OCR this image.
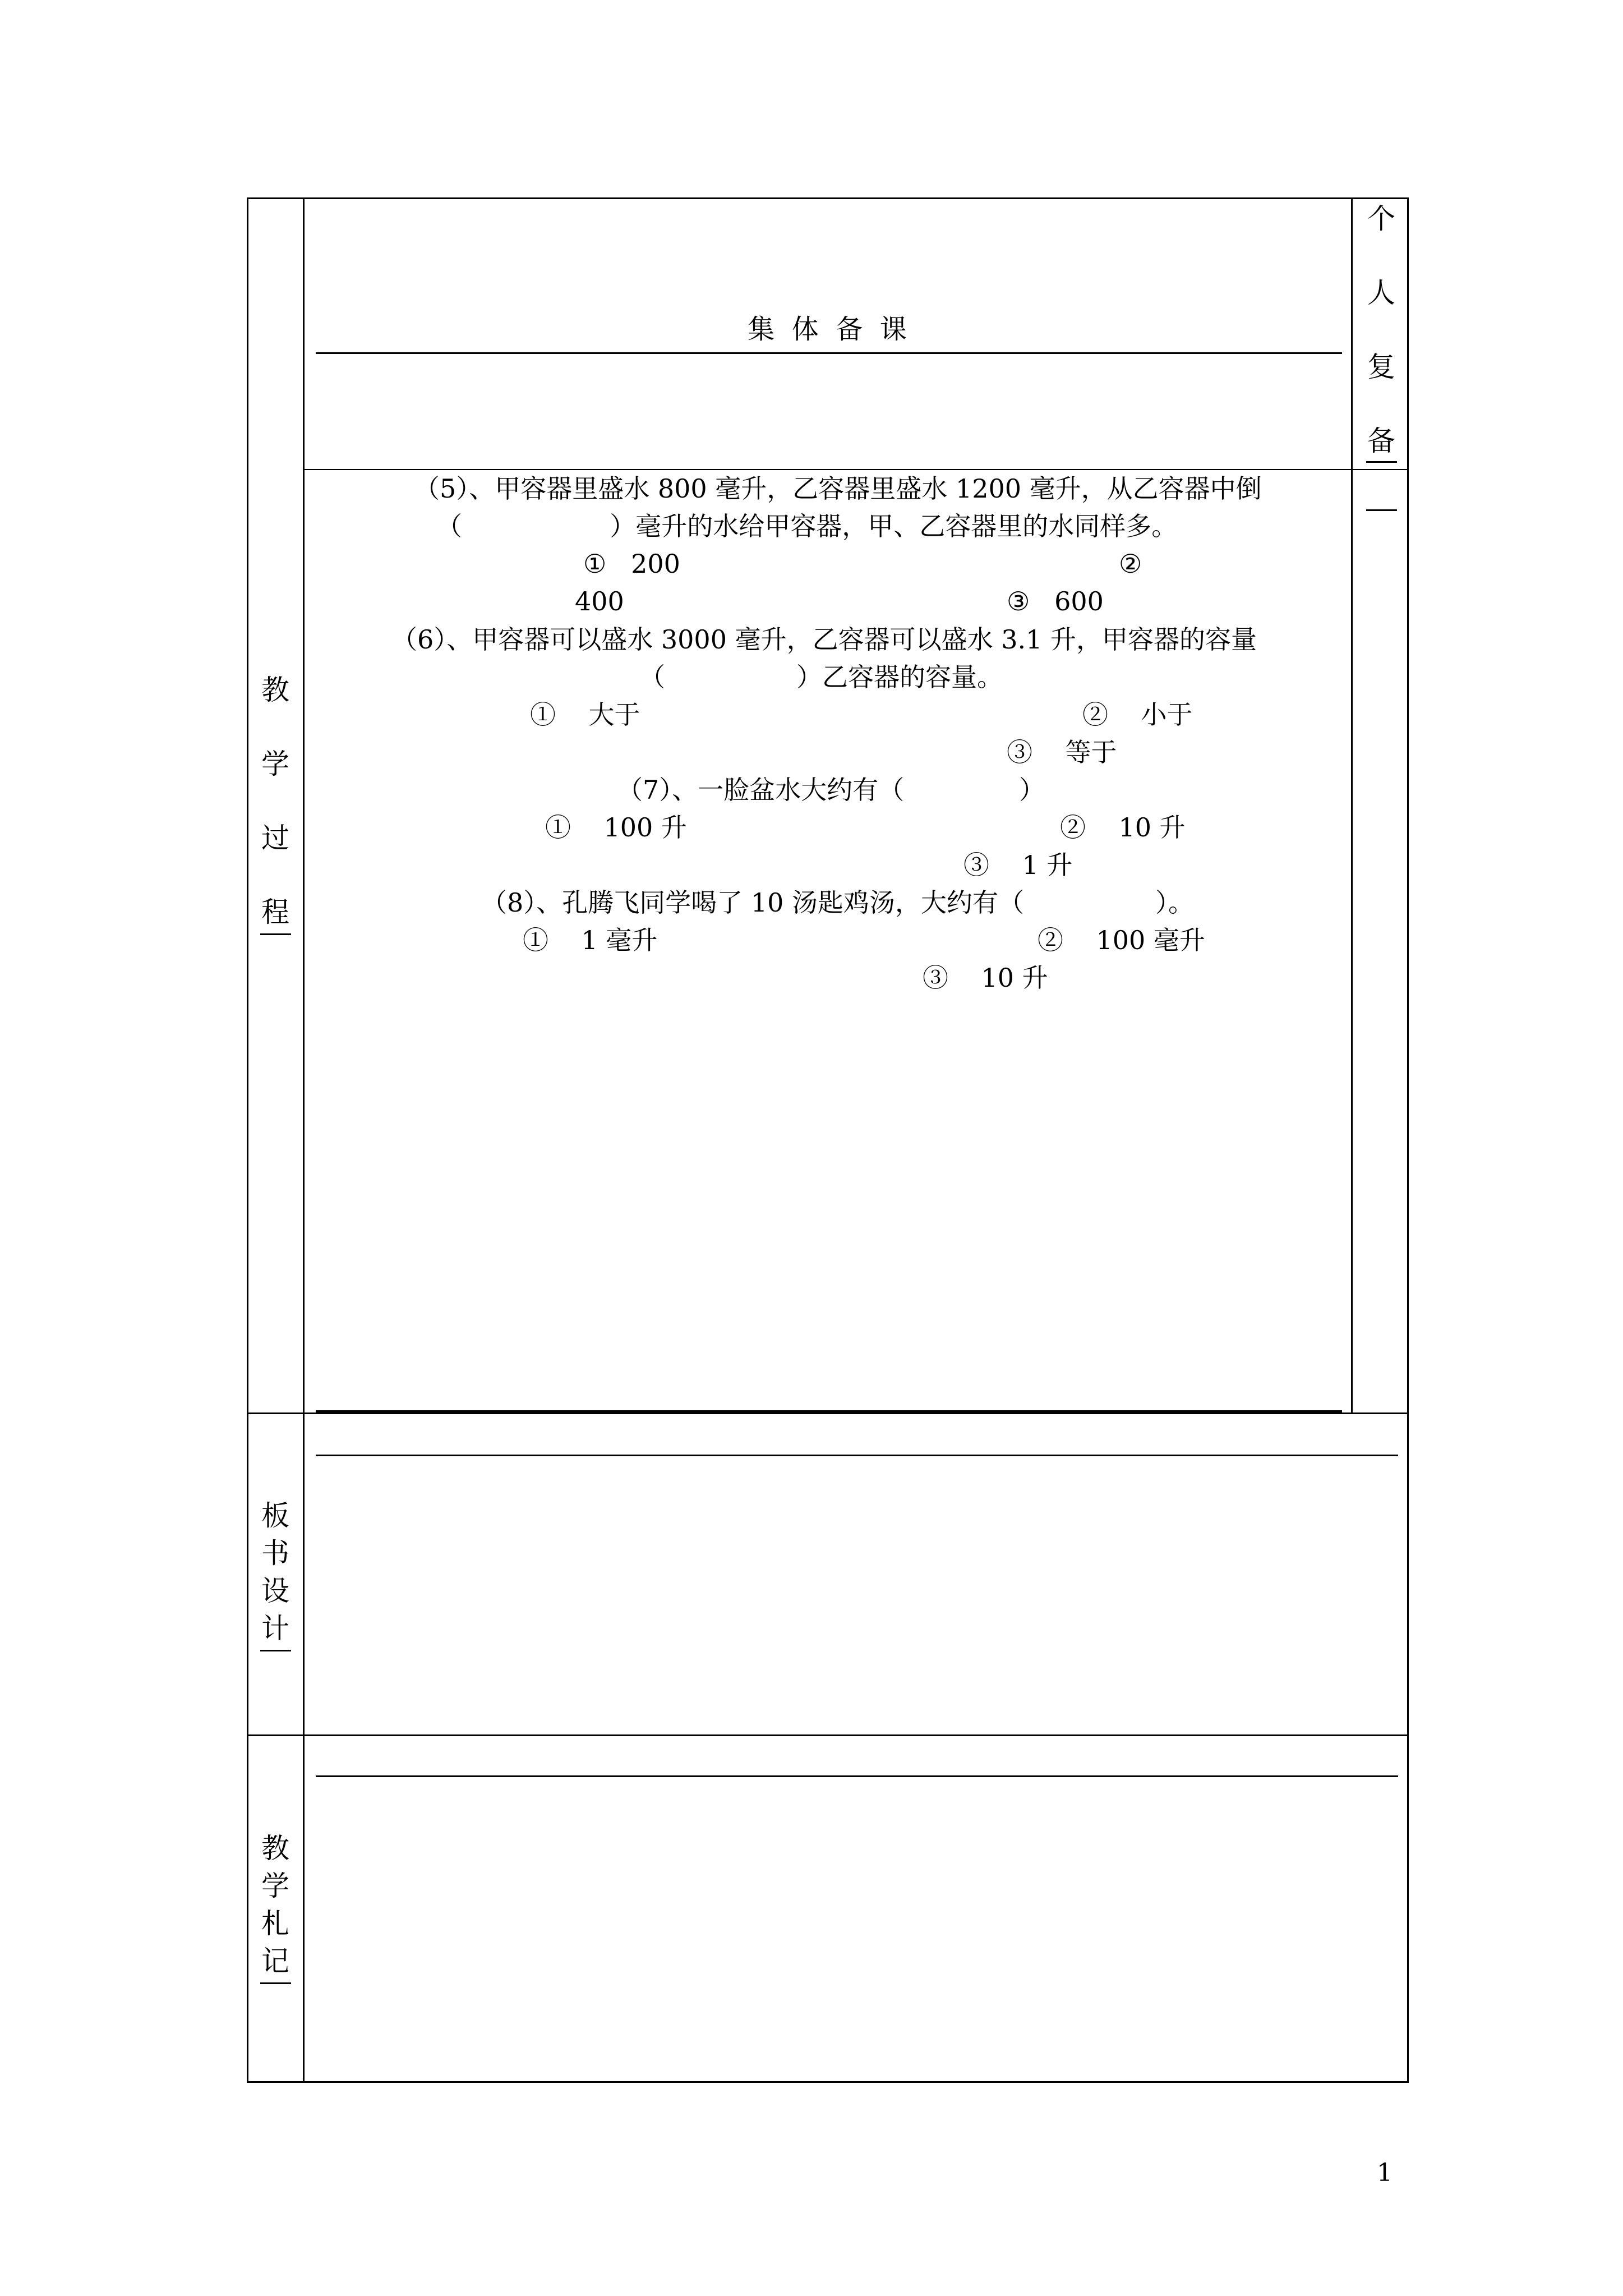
集  体  备  课
个
人
复
备
教
学
过
程
板
书
设
计
教
学
札
记
（5）、甲容器里盛水 800 毫升，乙容器里盛水 1200 毫升，从乙容器中倒
（                  ）毫升的水给甲容器，甲、乙容器里的水同样多。
①   200	②
400	③   600
（6）、甲容器可以盛水 3000 毫升，乙容器可以盛水 3.1 升，甲容器的容量
（                ）乙容器的容量。
①    大于	②    小于
③    等于
（7）、一脸盆水大约有（              ）
①    100 升	②    10 升
③    1 升
（8）、孔腾飞同学喝了 10 汤匙鸡汤，大约有（                ）。
①    1 毫升	②    100 毫升
③    10 升
1
